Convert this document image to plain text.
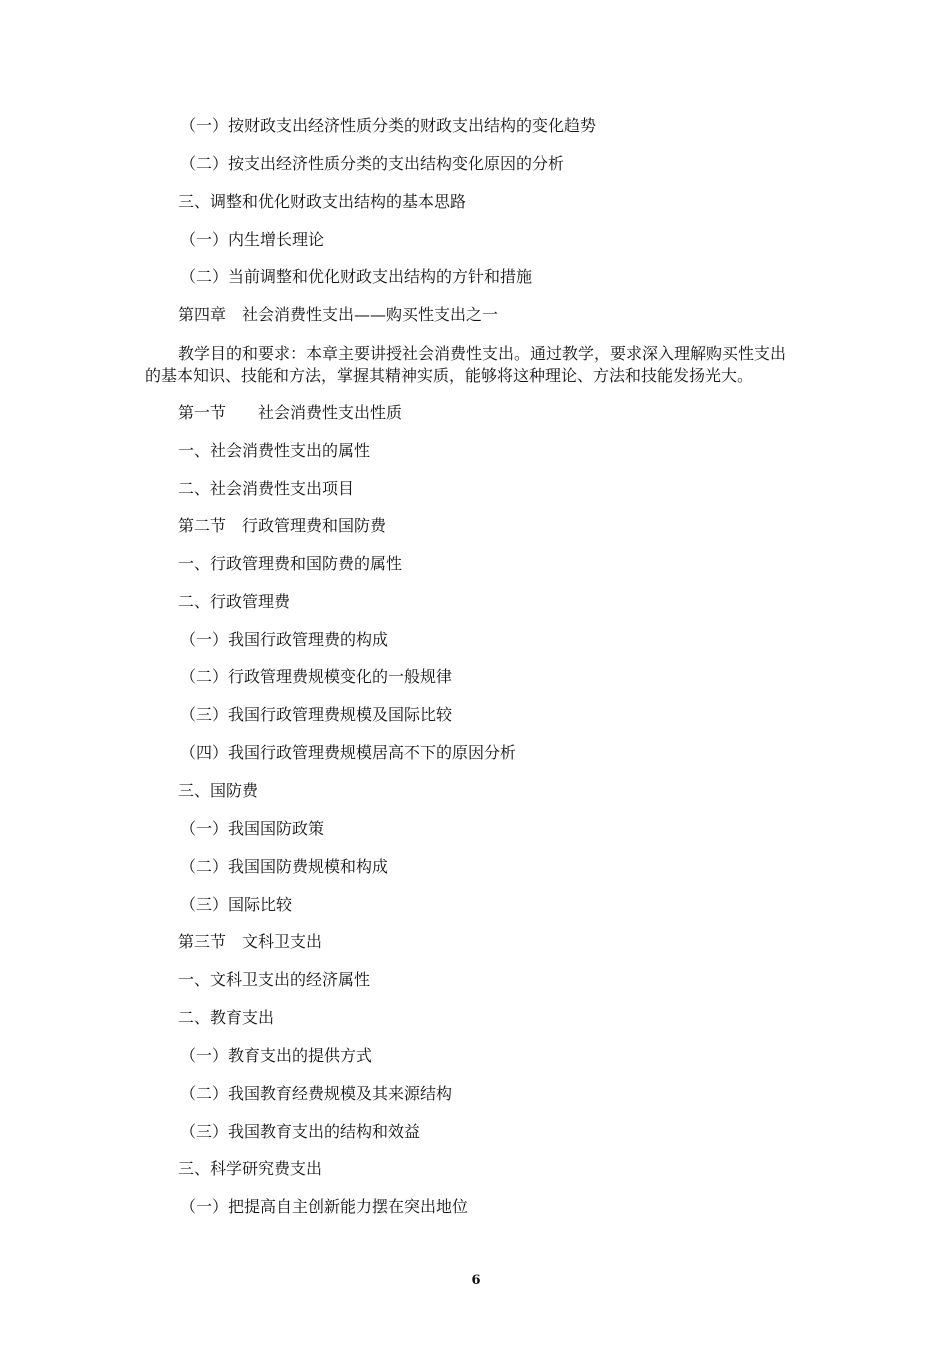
（一）按财政支出经济性质分类的财政支出结构的变化趋势
（二）按支出经济性质分类的支出结构变化原因的分析
三、调整和优化财政支出结构的基本思路
（一）内生增长理论
（二）当前调整和优化财政支出结构的方针和措施
第四章　社会消费性支出——购买性支出之一
教学目的和要求：本章主要讲授社会消费性支出。通过教学，要求深入理解购买性支出
的基本知识、技能和方法，掌握其精神实质，能够将这种理论、方法和技能发扬光大。
第一节　　社会消费性支出性质
一、社会消费性支出的属性
二、社会消费性支出项目
第二节　行政管理费和国防费
一、行政管理费和国防费的属性
二、行政管理费
（一）我国行政管理费的构成
（二）行政管理费规模变化的一般规律
（三）我国行政管理费规模及国际比较
（四）我国行政管理费规模居高不下的原因分析
三、国防费
（一）我国国防政策
（二）我国国防费规模和构成
（三）国际比较
第三节　文科卫支出
一、文科卫支出的经济属性
二、教育支出
（一）教育支出的提供方式
（二）我国教育经费规模及其来源结构
（三）我国教育支出的结构和效益
三、科学研究费支出
（一）把提高自主创新能力摆在突出地位
6
